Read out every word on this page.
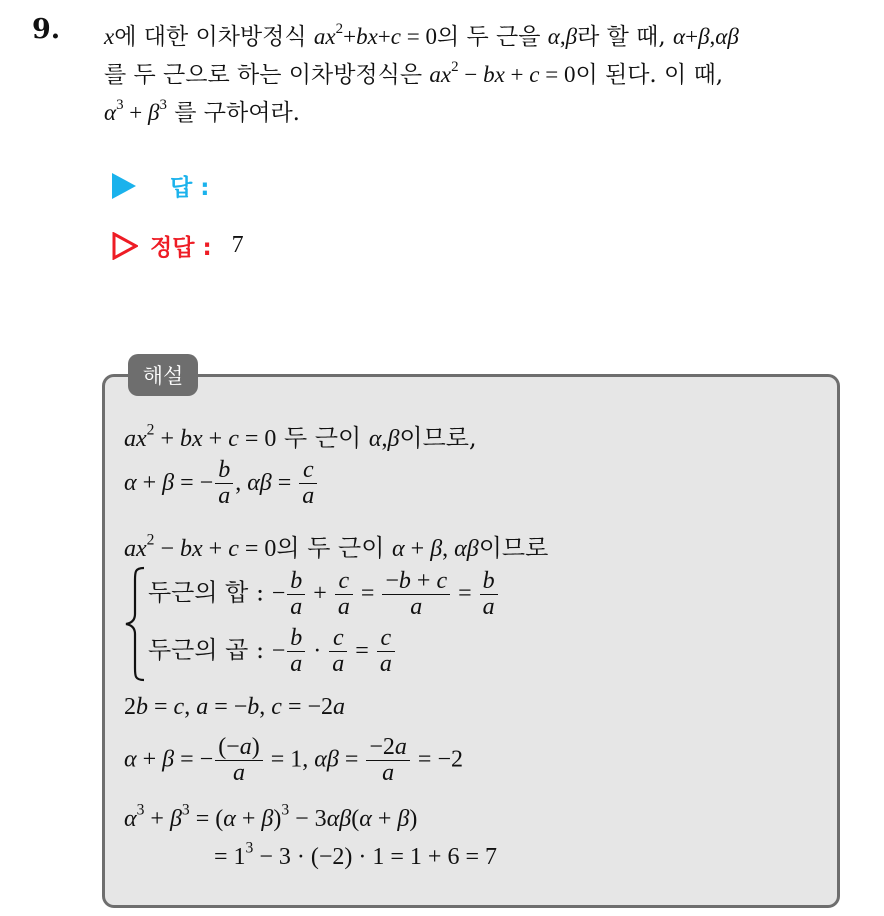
9. x에 대한 이차방정식 $ax^2+bx+c = 0$의 두 근을 α,β라 할 때, α+β,αβ
를 두 근으로 하는 이차방정식은 $ax^2$ − bx + c = 0이 된다. 이 때,
$\alpha^3 + \beta^3$ 를 구하여라.
답 :
정답 : 7
해설
$ax^2$ + bx + c = 0 두 근이 α,β이므로,
α + β = − $\frac{b}{a}$ , $\alpha\beta = \frac{c}{a}$
$ax^2$ − bx + c = 0의 두 근이 α + β, αβ이므로
두근의 합 : − $\frac{b}{a} + \frac{c}{a} = \frac{-b + c}{a} = \frac{b}{a}$
두근의 곱 : − $\frac{b}{a} \cdot \frac{c}{a} = \frac{c}{a}$
2b = c, a = −b, c = −2a
α + β = − $\frac{(-a)}{a} = 1$, $\alpha\beta = \frac{-2a}{a} = -2$
$\alpha^3 + \beta^3 = (\alpha + \beta)^3 - 3\alpha\beta(\alpha + \beta)$
= $1^3 - 3 \cdot (-2) \cdot 1 = 1 + 6 = 7$
